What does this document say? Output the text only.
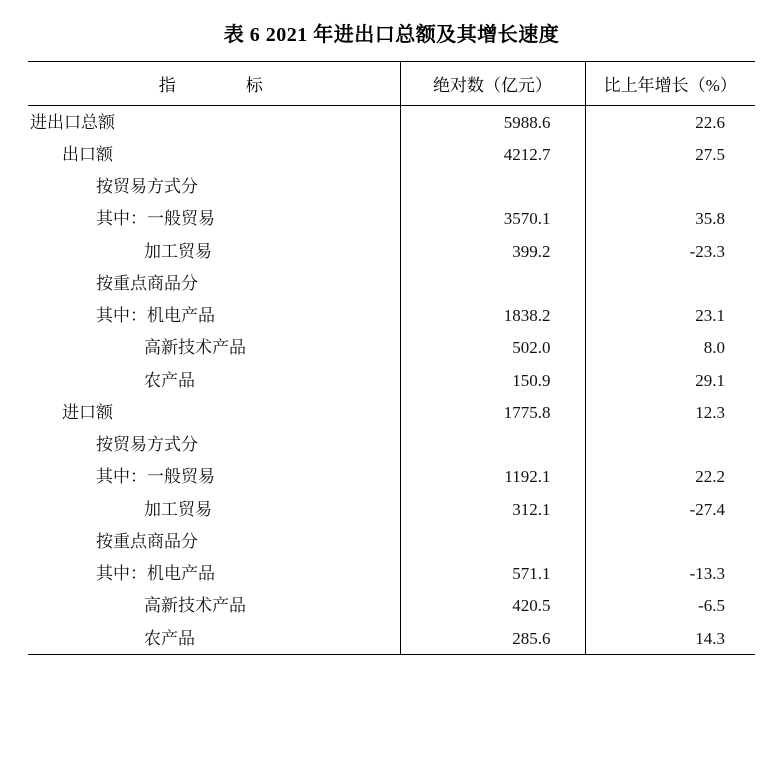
表 6 2021 年进出口总额及其增长速度
指　　标	绝对数（亿元）	比上年增长（%）
进出口总额	5988.6	22.6
出口额	4212.7	27.5
按贸易方式分		
其中：一般贸易	3570.1	35.8
加工贸易	399.2	-23.3
按重点商品分		
其中：机电产品	1838.2	23.1
高新技术产品	502.0	8.0
农产品	150.9	29.1
进口额	1775.8	12.3
按贸易方式分		
其中：一般贸易	1192.1	22.2
加工贸易	312.1	-27.4
按重点商品分		
其中：机电产品	571.1	-13.3
高新技术产品	420.5	-6.5
农产品	285.6	14.3
